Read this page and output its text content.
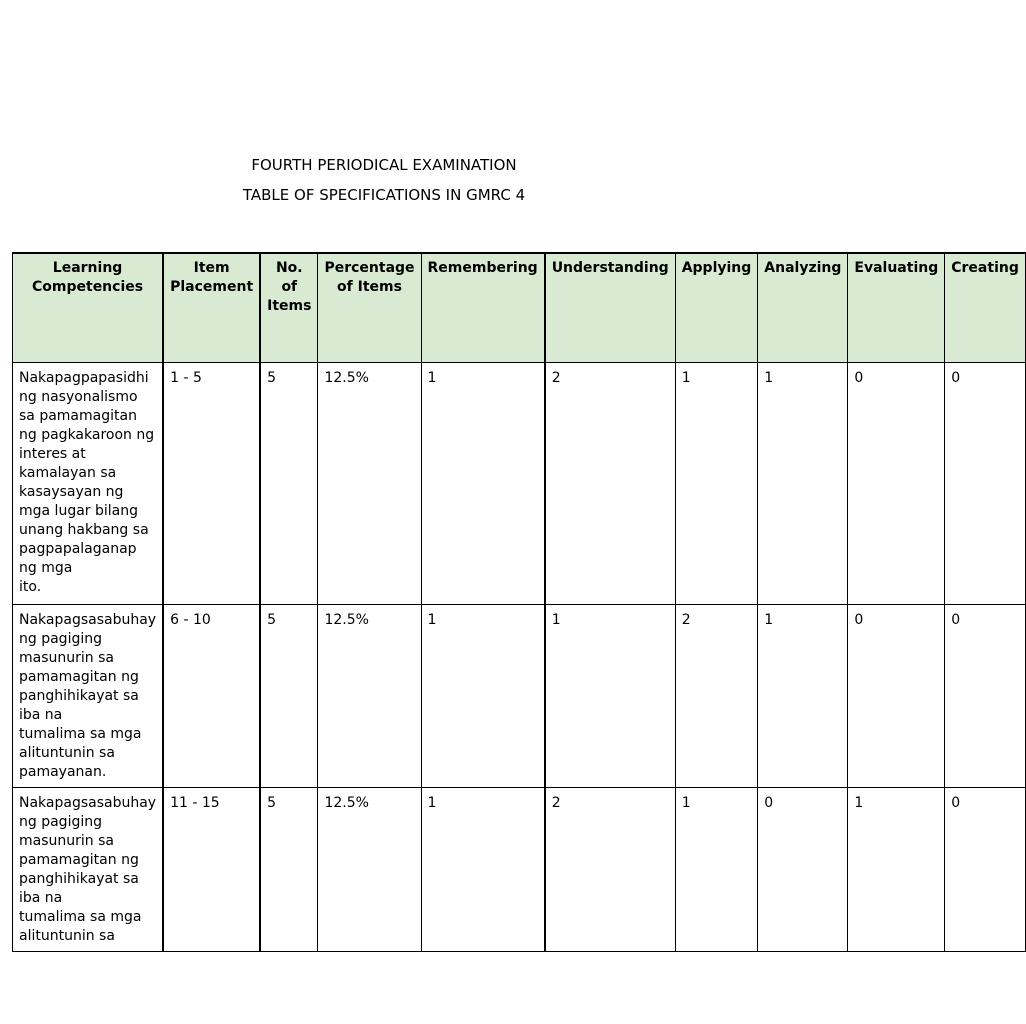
FOURTH PERIODICAL EXAMINATION
TABLE OF SPECIFICATIONS IN GMRC 4
Learning Competencies	Item Placement	No. of Items	Percentage of Items	Remembering	Understanding	Applying	Analyzing	Evaluating	Creating
Nakapagpapasidhi ng nasyonalismo sa pamamagitan ng pagkakaroon ng interes at
kamalayan sa kasaysayan ng mga lugar bilang unang hakbang sa pagpapalaganap ng mga
ito.	1 - 5	5	12.5%	1	2	1	1	0	0
Nakapagsasabuhay ng pagiging masunurin sa pamamagitan ng panghihikayat sa iba na
tumalima sa mga alituntunin sa pamayanan.	6 - 10	5	12.5%	1	1	2	1	0	0
Nakapagsasabuhay ng pagiging masunurin sa pamamagitan ng panghihikayat sa iba na
tumalima sa mga alituntunin sa	11 - 15	5	12.5%	1	2	1	0	1	0
